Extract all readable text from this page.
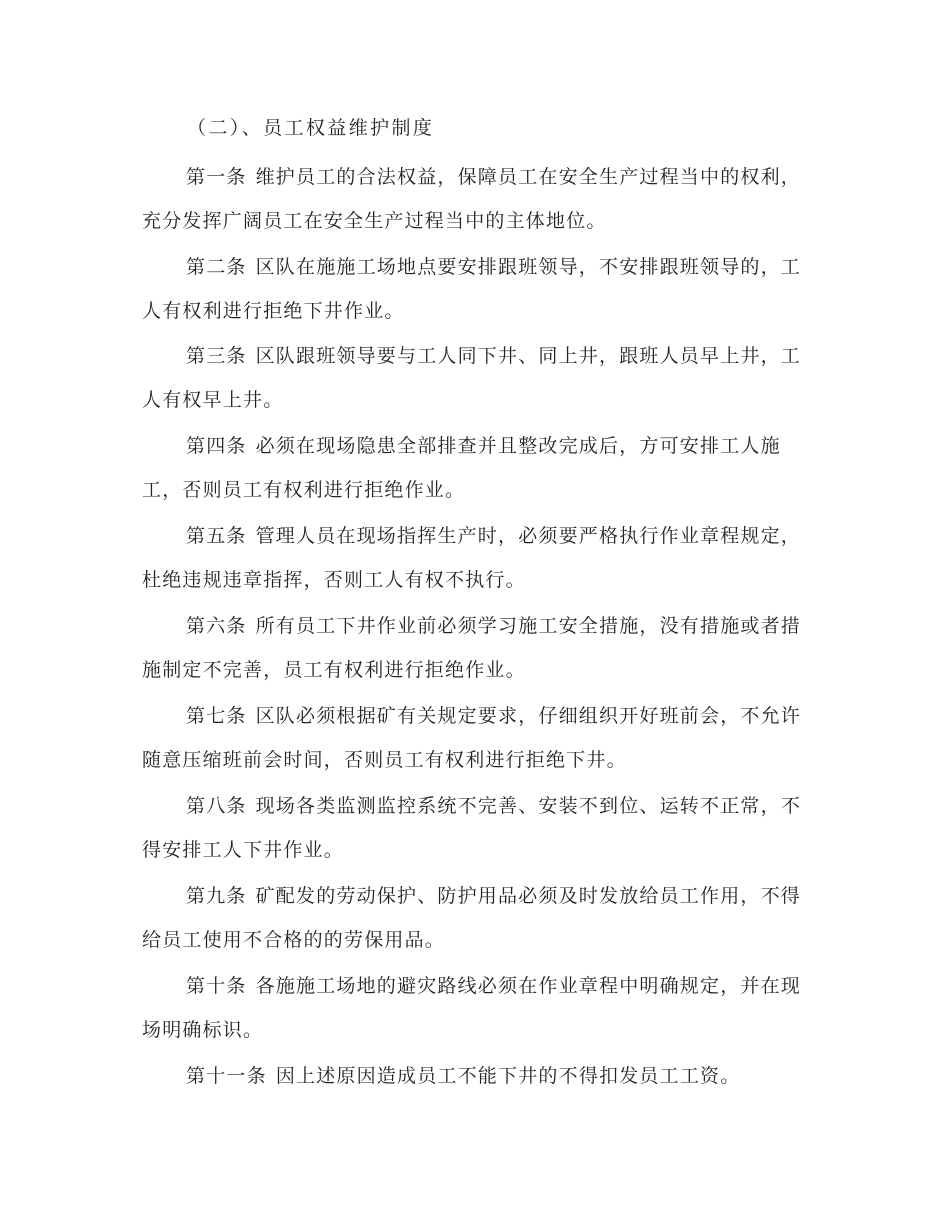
（二）、员工权益维护制度

第一条 维护员工的合法权益，保障员工在安全生产过程当中的权利，充分发挥广阔员工在安全生产过程当中的主体地位。

第二条 区队在施施工场地点要安排跟班领导，不安排跟班领导的，工人有权利进行拒绝下井作业。

第三条 区队跟班领导要与工人同下井、同上井，跟班人员早上井，工人有权早上井。

第四条 必须在现场隐患全部排查并且整改完成后，方可安排工人施工，否则员工有权利进行拒绝作业。

第五条 管理人员在现场指挥生产时，必须要严格执行作业章程规定，杜绝违规违章指挥，否则工人有权不执行。

第六条 所有员工下井作业前必须学习施工安全措施，没有措施或者措施制定不完善，员工有权利进行拒绝作业。

第七条 区队必须根据矿有关规定要求，仔细组织开好班前会，不允许随意压缩班前会时间，否则员工有权利进行拒绝下井。

第八条 现场各类监测监控系统不完善、安装不到位、运转不正常，不得安排工人下井作业。

第九条 矿配发的劳动保护、防护用品必须及时发放给员工作用，不得给员工使用不合格的的劳保用品。

第十条 各施施工场地的避灾路线必须在作业章程中明确规定，并在现场明确标识。

第十一条 因上述原因造成员工不能下井的不得扣发员工工资。
